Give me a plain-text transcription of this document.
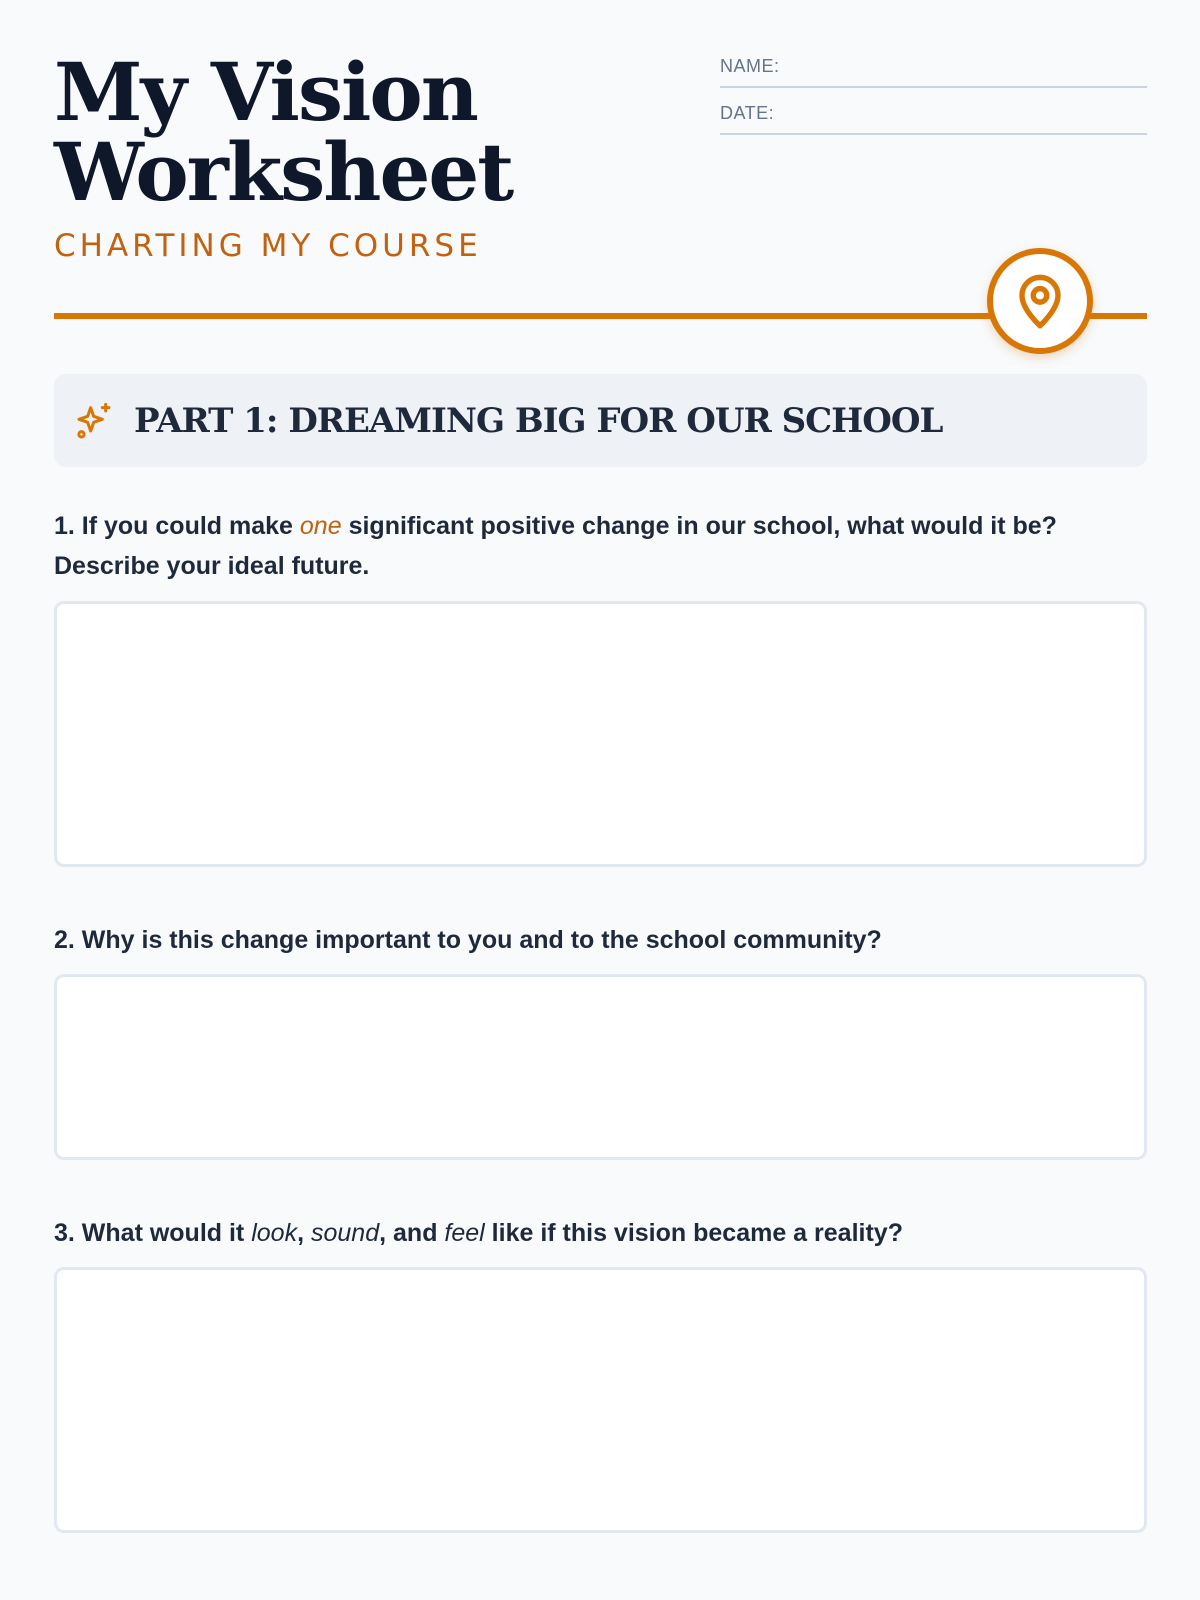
My Vision
Worksheet
CHARTING MY COURSE
NAME:
DATE:
PART 1: DREAMING BIG FOR OUR SCHOOL
1. If you could make one significant positive change in our school, what would it be? Describe your ideal future.
2. Why is this change important to you and to the school community?
3. What would it look, sound, and feel like if this vision became a reality?
